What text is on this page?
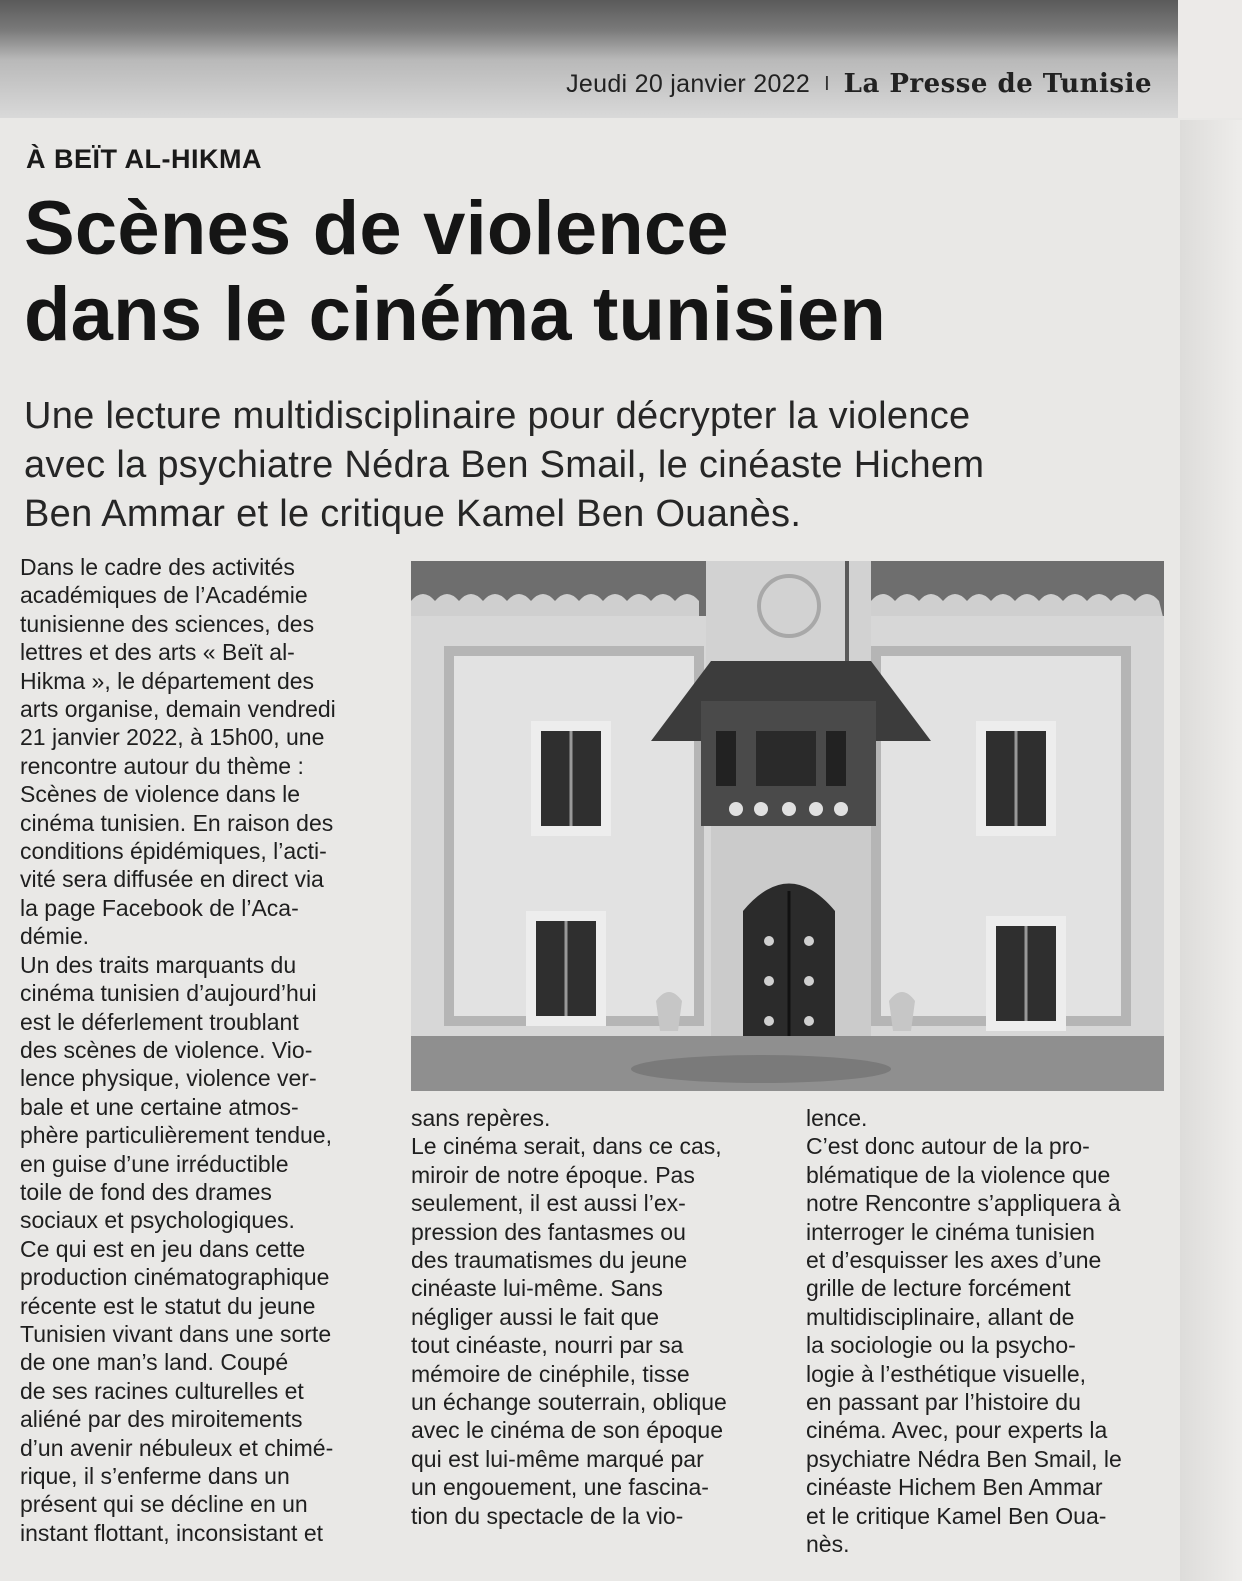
Jeudi 20 janvier 2022 I La Presse de Tunisie
À BEÏT AL-HIKMA
Scènes de violence
dans le cinéma tunisien
Une lecture multidisciplinaire pour décrypter la violence
avec la psychiatre Nédra Ben Smail, le cinéaste Hichem
Ben Ammar et le critique Kamel Ben Ouanès.

Dans le cadre des activités
académiques de l’Académie
tunisienne des sciences, des
lettres et des arts « Beït al-
Hikma », le département des
arts organise, demain vendredi
21 janvier 2022, à 15h00, une
rencontre autour du thème :
Scènes de violence dans le
cinéma tunisien. En raison des
conditions épidémiques, l’acti-
vité sera diffusée en direct via
la page Facebook de l’Aca-
démie.

Un des traits marquants du
cinéma tunisien d’aujourd’hui
est le déferlement troublant
des scènes de violence. Vio-
lence physique, violence ver-
bale et une certaine atmos-
phère particulièrement tendue,
en guise d’une irréductible
toile de fond des drames
sociaux et psychologiques.

Ce qui est en jeu dans cette
production cinématographique
récente est le statut du jeune
Tunisien vivant dans une sorte
de one man’s land. Coupé
de ses racines culturelles et
aliéné par des miroitements
d’un avenir nébuleux et chimé-
rique, il s’enferme dans un
présent qui se décline en un
instant flottant, inconsistant et

sans repères.

Le cinéma serait, dans ce cas,
miroir de notre époque. Pas
seulement, il est aussi l’ex-
pression des fantasmes ou
des traumatismes du jeune
cinéaste lui-même. Sans
négliger aussi le fait que
tout cinéaste, nourri par sa
mémoire de cinéphile, tisse
un échange souterrain, oblique
avec le cinéma de son époque
qui est lui-même marqué par
un engouement, une fascina-
tion du spectacle de la vio-

lence.

C’est donc autour de la pro-
blématique de la violence que
notre Rencontre s’appliquera à
interroger le cinéma tunisien
et d’esquisser les axes d’une
grille de lecture forcément
multidisciplinaire, allant de
la sociologie ou la psycho-
logie à l’esthétique visuelle,
en passant par l’histoire du
cinéma. Avec, pour experts la
psychiatre Nédra Ben Smail, le
cinéaste Hichem Ben Ammar
et le critique Kamel Ben Oua-
nès.
